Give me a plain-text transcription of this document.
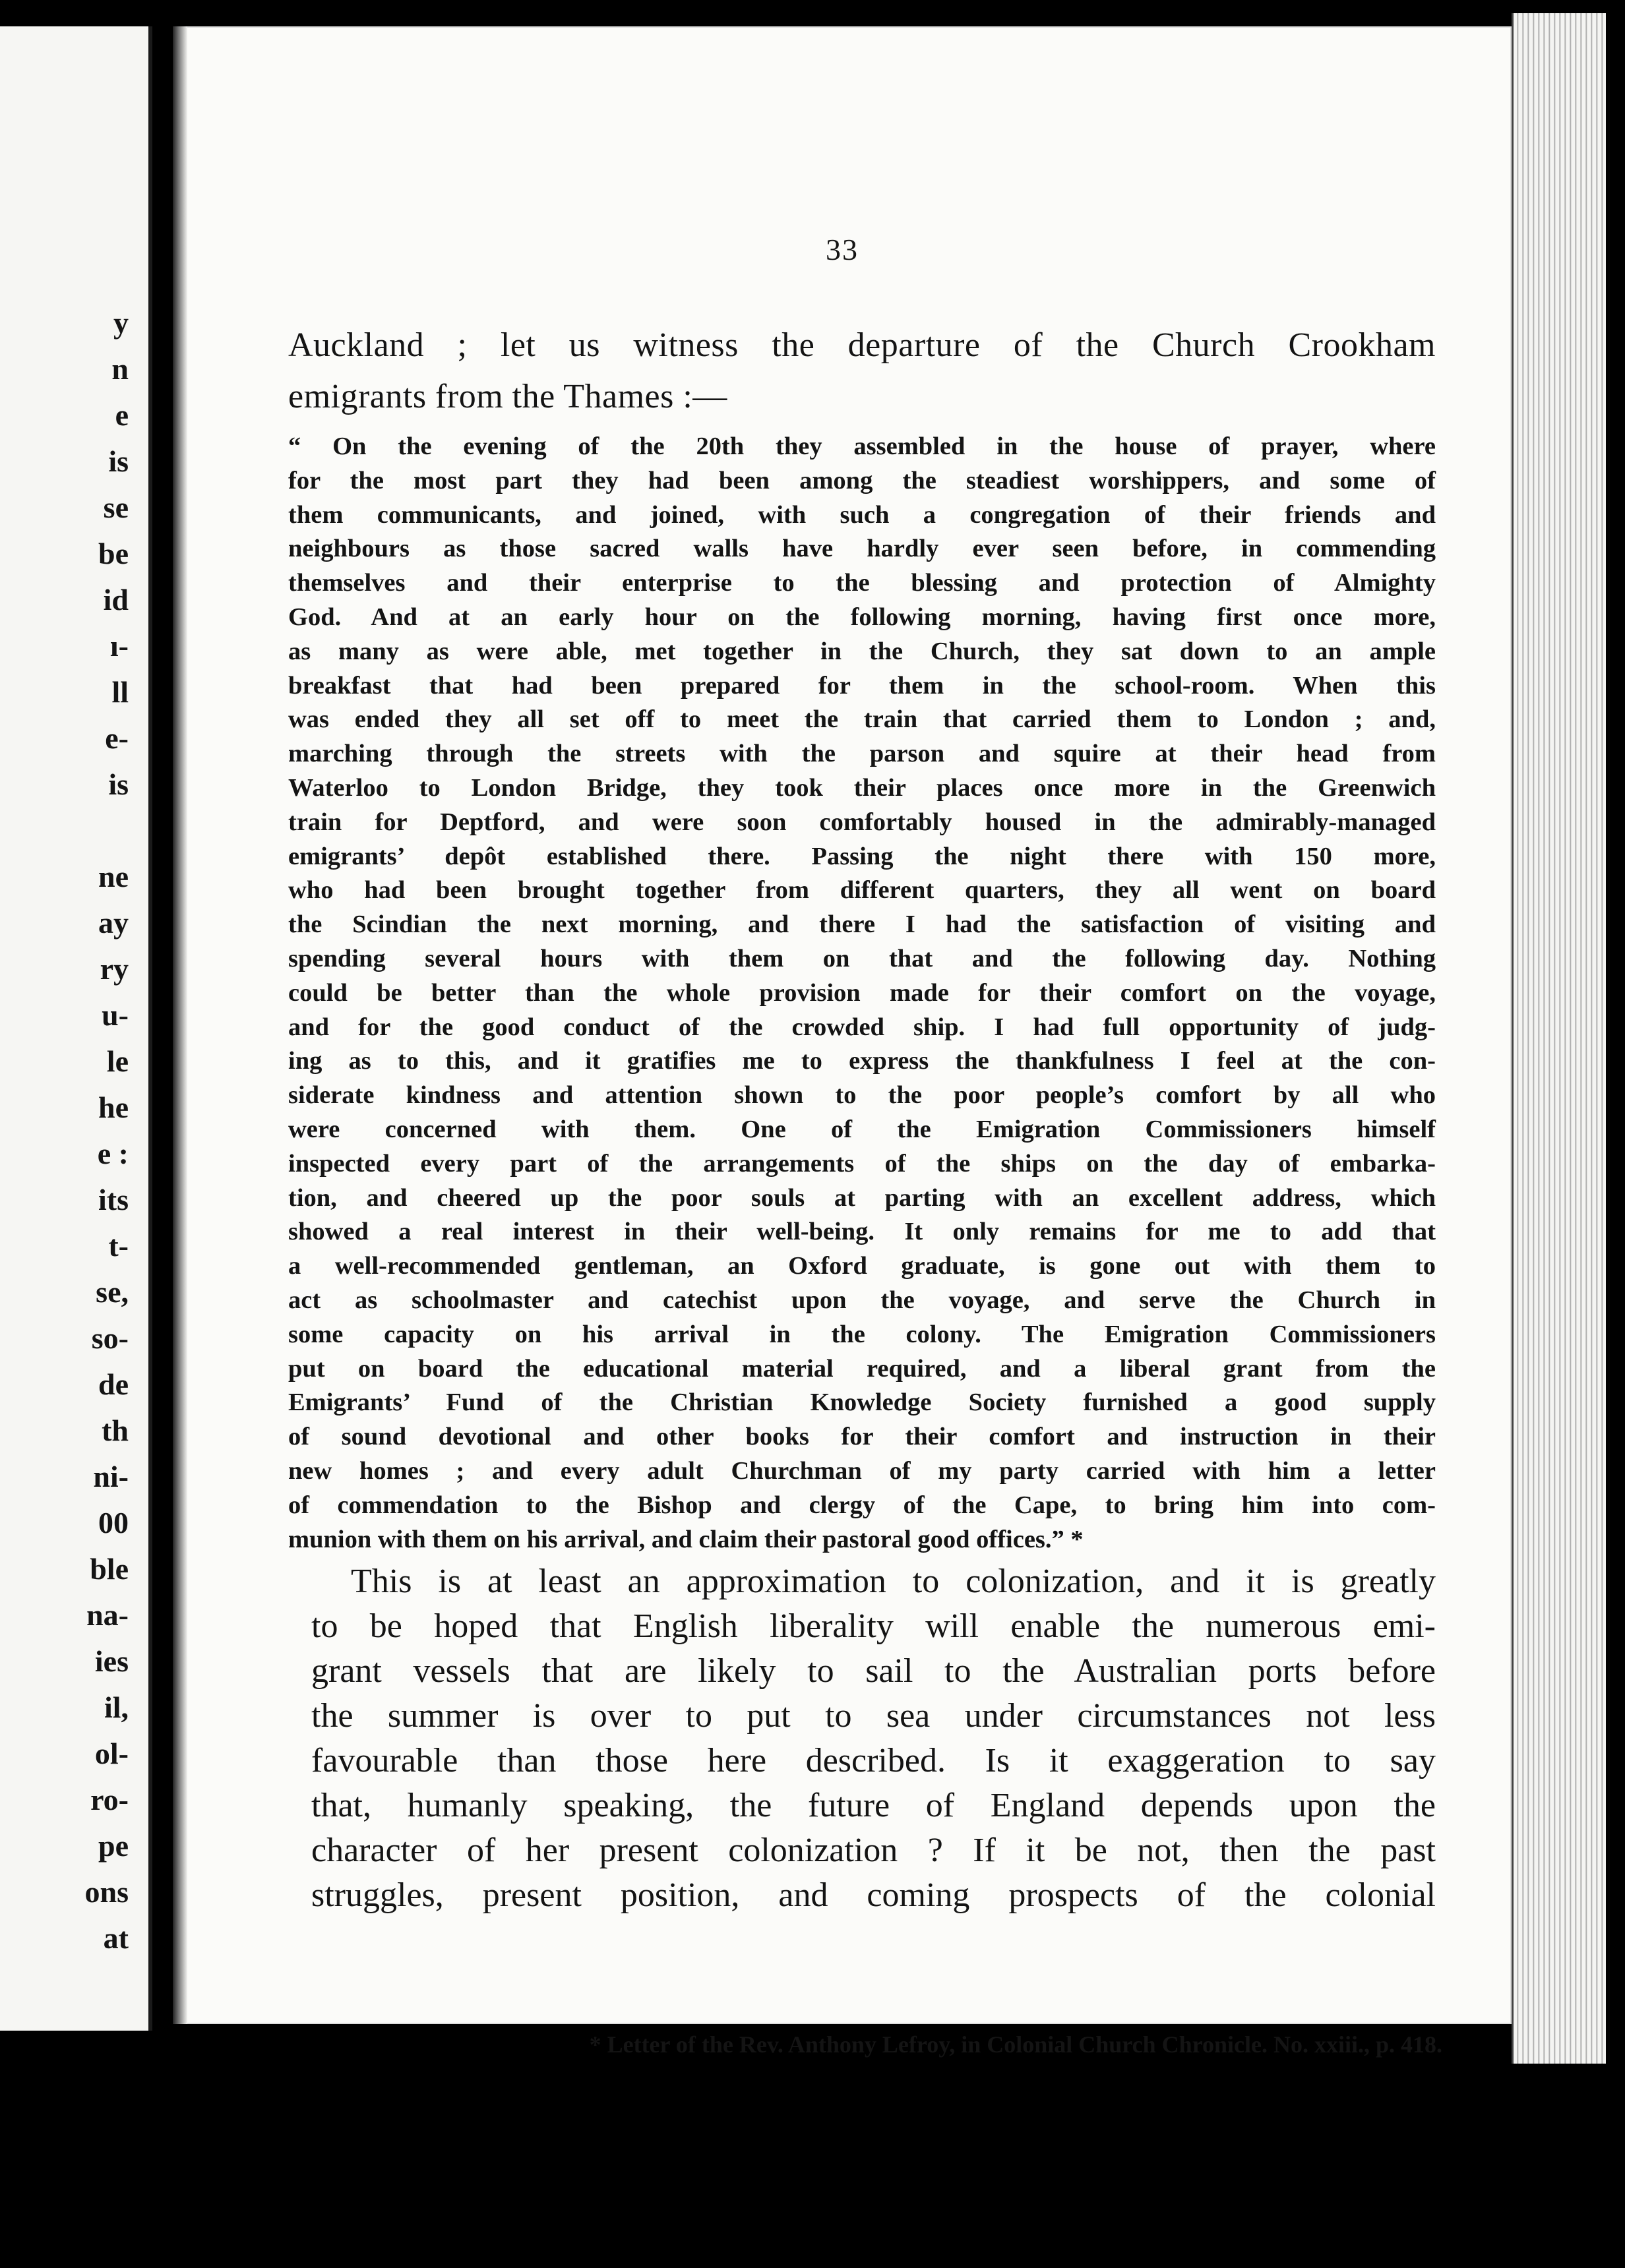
y
n
e
is
se
be
id
ı-
ll
e-
is
ne
ay
ry
u-
le
he
e :
its
t-
se,
so-
de
th
ni-
00
ble
na-
ies
il,
ol-
ro-
pe
ons
at
33
Auckland ; let us witness the departure of the Church Crookham
emigrants from the Thames :—
“ On the evening of the 20th they assembled in the house of prayer, where
for the most part they had been among the steadiest worshippers, and some of
them communicants, and joined, with such a congregation of their friends and
neighbours as those sacred walls have hardly ever seen before, in commending
themselves and their enterprise to the blessing and protection of Almighty
God. And at an early hour on the following morning, having first once more,
as many as were able, met together in the Church, they sat down to an ample
breakfast that had been prepared for them in the school-room. When this
was ended they all set off to meet the train that carried them to London ; and,
marching through the streets with the parson and squire at their head from
Waterloo to London Bridge, they took their places once more in the Greenwich
train for Deptford, and were soon comfortably housed in the admirably-managed
emigrants’ depôt established there. Passing the night there with 150 more,
who had been brought together from different quarters, they all went on board
the Scindian the next morning, and there I had the satisfaction of visiting and
spending several hours with them on that and the following day. Nothing
could be better than the whole provision made for their comfort on the voyage,
and for the good conduct of the crowded ship. I had full opportunity of judg-
ing as to this, and it gratifies me to express the thankfulness I feel at the con-
siderate kindness and attention shown to the poor people’s comfort by all who
were concerned with them. One of the Emigration Commissioners himself
inspected every part of the arrangements of the ships on the day of embarka-
tion, and cheered up the poor souls at parting with an excellent address, which
showed a real interest in their well-being. It only remains for me to add that
a well-recommended gentleman, an Oxford graduate, is gone out with them to
act as schoolmaster and catechist upon the voyage, and serve the Church in
some capacity on his arrival in the colony. The Emigration Commissioners
put on board the educational material required, and a liberal grant from the
Emigrants’ Fund of the Christian Knowledge Society furnished a good supply
of sound devotional and other books for their comfort and instruction in their
new homes ; and every adult Churchman of my party carried with him a letter
of commendation to the Bishop and clergy of the Cape, to bring him into com-
munion with them on his arrival, and claim their pastoral good offices.” *
This is at least an approximation to colonization, and it is greatly
to be hoped that English liberality will enable the numerous emi-
grant vessels that are likely to sail to the Australian ports before
the summer is over to put to sea under circumstances not less
favourable than those here described. Is it exaggeration to say
that, humanly speaking, the future of England depends upon the
character of her present colonization ? If it be not, then the past
struggles, present position, and coming prospects of the colonial
* Letter of the Rev. Anthony Lefroy, in Colonial Church Chronicle. No. xxiii., p. 418.
